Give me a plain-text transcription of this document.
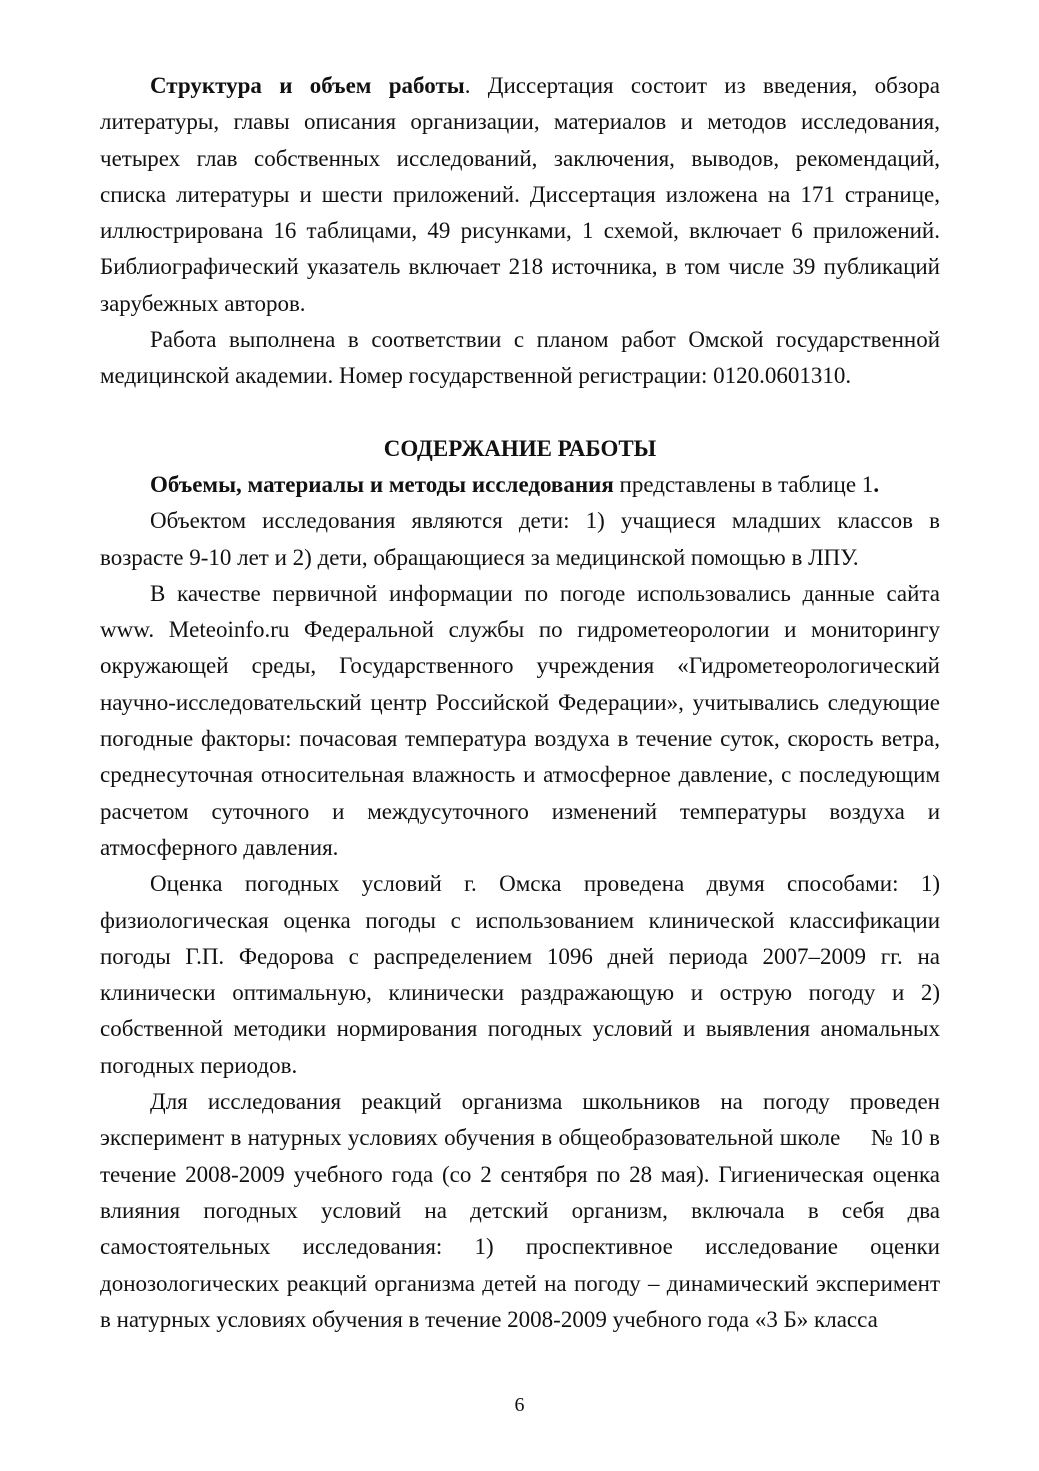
Структура и объем работы. Диссертация состоит из введения, обзора литературы, главы описания организации, материалов и методов исследования, четырех глав собственных исследований, заключения, выводов, рекомендаций, списка литературы и шести приложений. Диссертация изложена на 171 странице, иллюстрирована 16 таблицами, 49 рисунками, 1 схемой, включает 6 приложений. Библиографический указатель включает 218 источника, в том числе 39 публикаций зарубежных авторов.

Работа выполнена в соответствии с планом работ Омской государственной медицинской академии. Номер государственной регистрации: 0120.0601310.

СОДЕРЖАНИЕ РАБОТЫ

Объемы, материалы и методы исследования представлены в таблице 1.

Объектом исследования являются дети: 1) учащиеся младших классов в возрасте 9-10 лет и 2) дети, обращающиеся за медицинской помощью в ЛПУ.

В качестве первичной информации по погоде использовались данные сайта www. Meteoinfo.ru Федеральной службы по гидрометеорологии и мониторингу окружающей среды, Государственного учреждения «Гидрометеорологический научно-исследовательский центр Российской Федерации», учитывались следующие погодные факторы: почасовая температура воздуха в течение суток, скорость ветра, среднесуточная относительная влажность и атмосферное давление, с последующим расчетом суточного и междусуточного изменений температуры воздуха и атмосферного давления.

Оценка погодных условий г. Омска проведена двумя способами: 1) физиологическая оценка погоды с использованием клинической классификации погоды Г.П. Федорова с распределением 1096 дней периода 2007–2009 гг. на клинически оптимальную, клинически раздражающую и острую погоду и 2) собственной методики нормирования погодных условий и выявления аномальных погодных периодов.

Для исследования реакций организма школьников на погоду проведен эксперимент в натурных условиях обучения в общеобразовательной школе № 10 в течение 2008-2009 учебного года (со 2 сентября по 28 мая). Гигиеническая оценка влияния погодных условий на детский организм, включала в себя два самостоятельных исследования: 1) проспективное исследование оценки донозологических реакций организма детей на погоду – динамический эксперимент в натурных условиях обучения в течение 2008-2009 учебного года «3 Б» класса

6
